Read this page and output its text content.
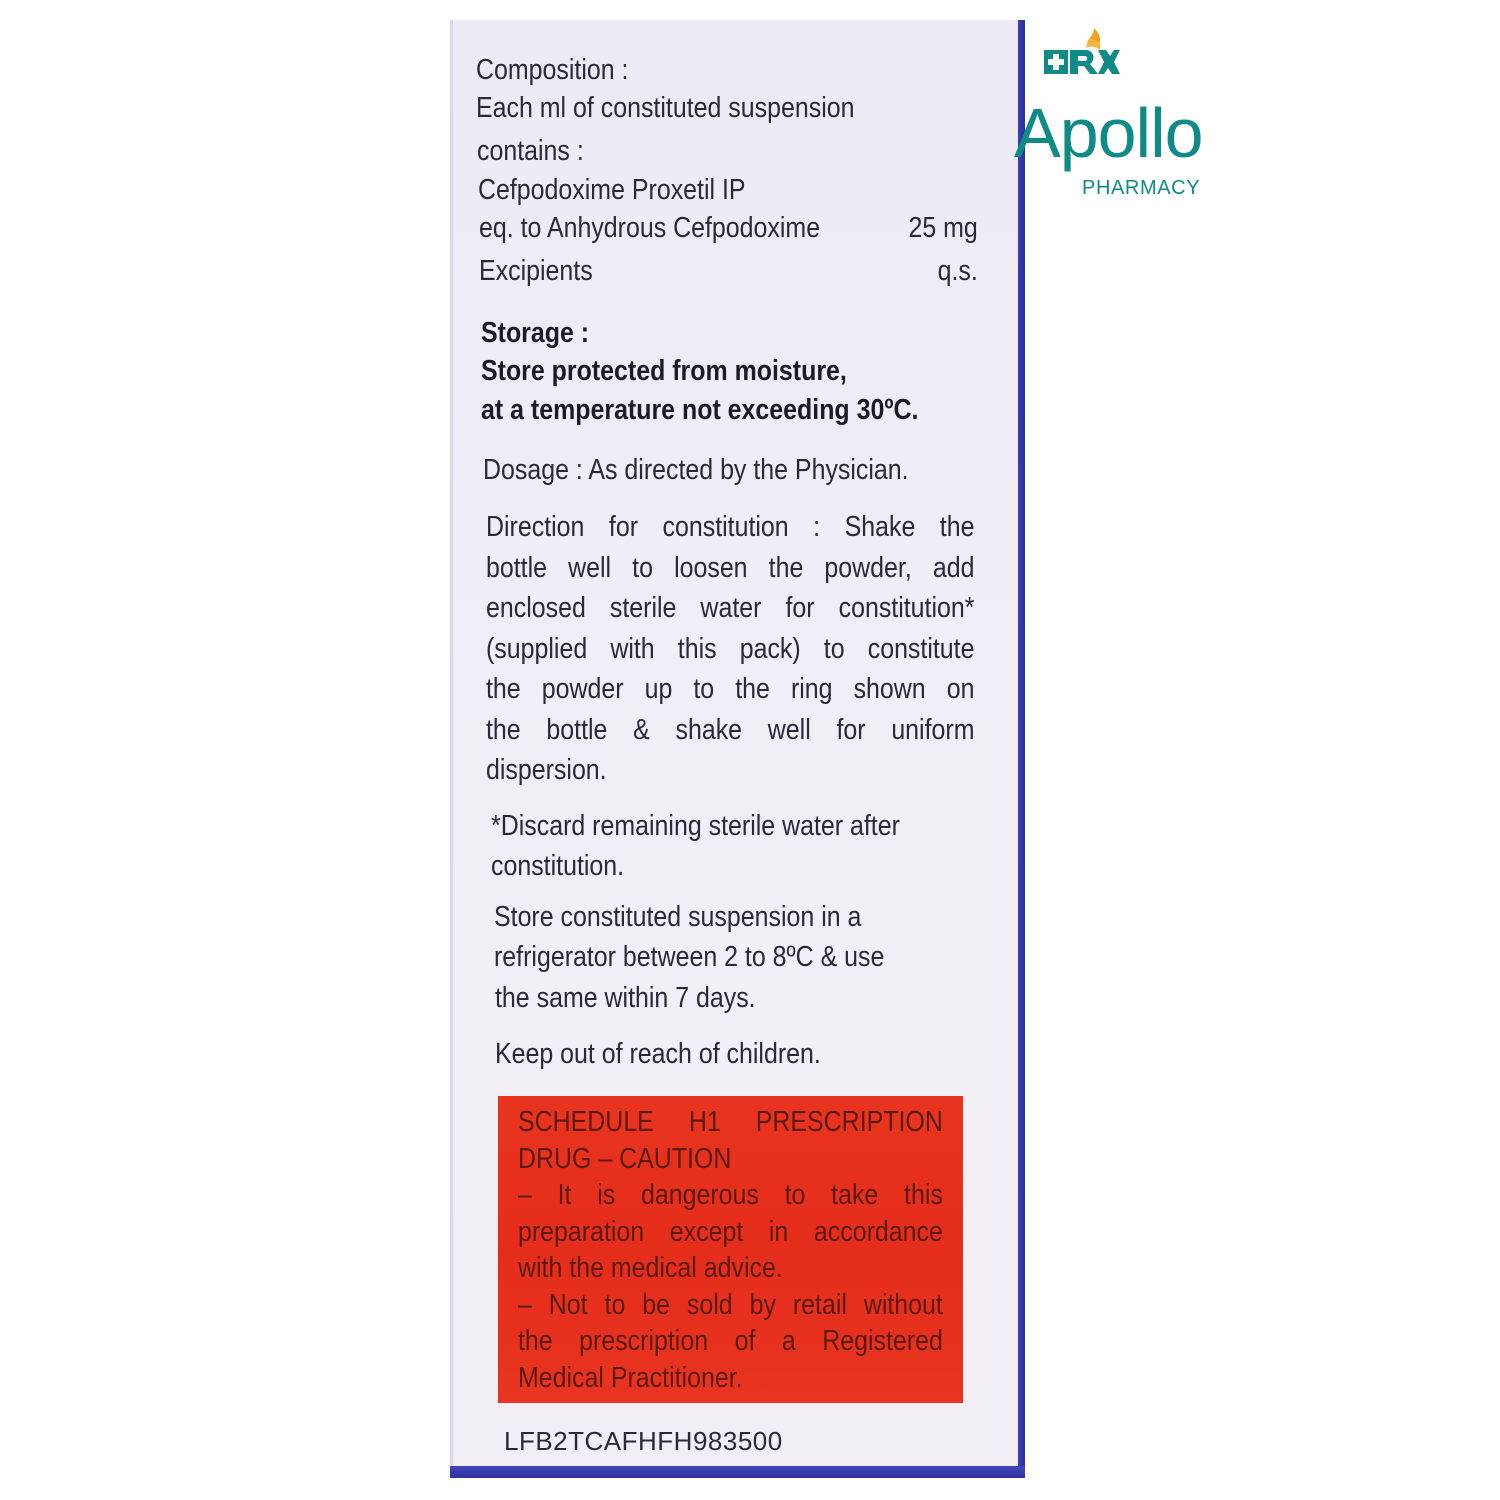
Composition :
Each ml of constituted suspension
contains :
Cefpodoxime Proxetil IP
eq. to Anhydrous Cefpodoxime	25 mg
Excipients	q.s.
Storage :
Store protected from moisture,
at a temperature not exceeding 30ºC.
Dosage : As directed by the Physician.
Direction for constitution : Shake the
bottle well to loosen the powder, add
enclosed sterile water for constitution*
(supplied with this pack) to constitute
the powder up to the ring shown on
the bottle & shake well for uniform
dispersion.
*Discard remaining sterile water after
constitution.
Store constituted suspension in a
refrigerator between 2 to 8ºC & use
the same within 7 days.
Keep out of reach of children.
SCHEDULE H1 PRESCRIPTION
DRUG – CAUTION
– It is dangerous to take this
preparation except in accordance
with the medical advice.
– Not to be sold by retail without
the prescription of a Registered
Medical Practitioner.
LFB2TCAFHFH983500
Apollo
PHARMACY
